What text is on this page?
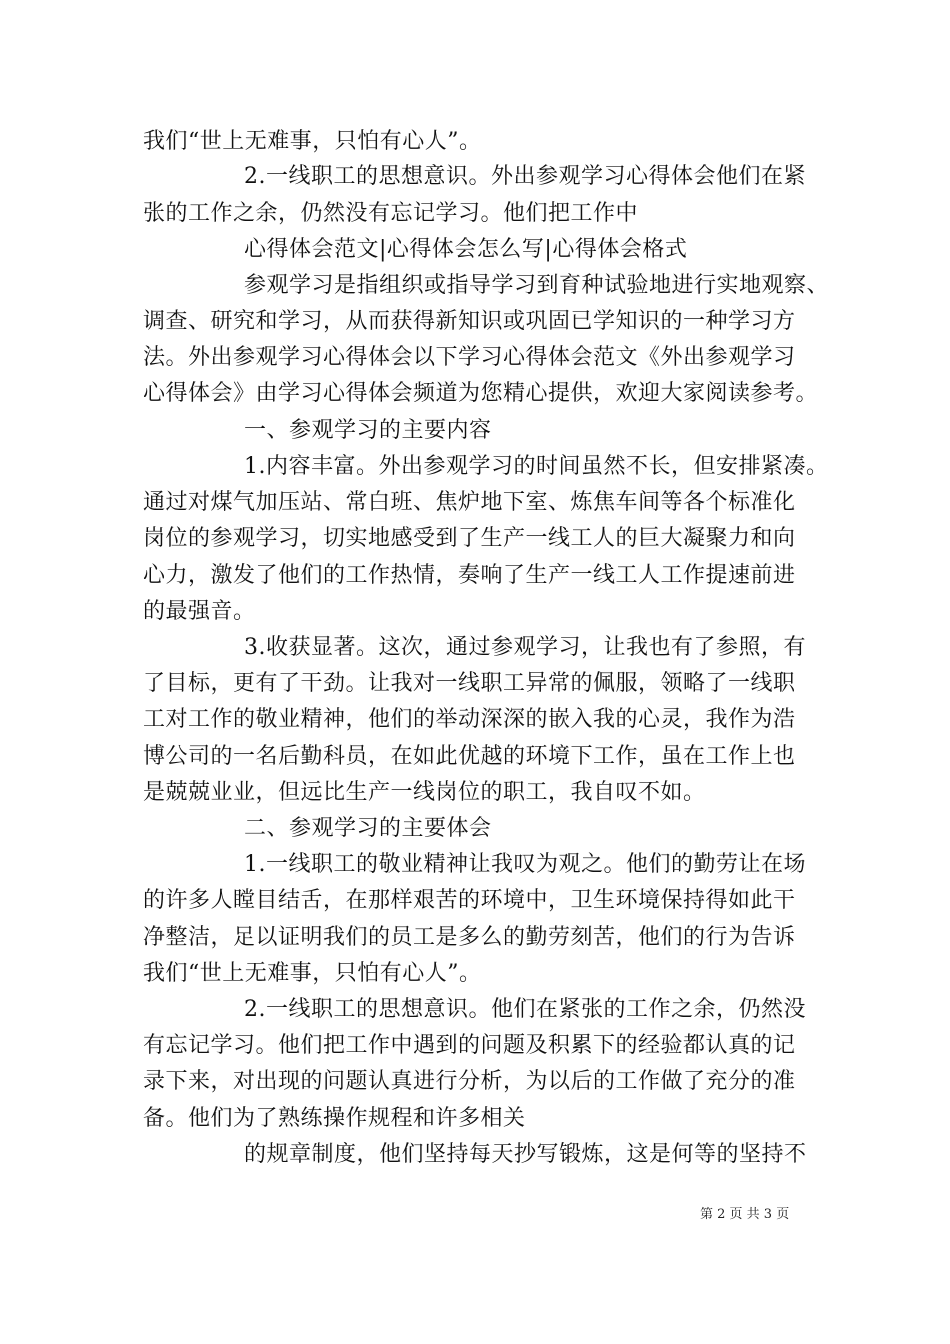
我们“世上无难事，只怕有心人”。
2.一线职工的思想意识。外出参观学习心得体会他们在紧
张的工作之余，仍然没有忘记学习。他们把工作中
心得体会范文|心得体会怎么写|心得体会格式
参观学习是指组织或指导学习到育种试验地进行实地观察、
调查、研究和学习，从而获得新知识或巩固已学知识的一种学习方
法。外出参观学习心得体会以下学习心得体会范文《外出参观学习
心得体会》由学习心得体会频道为您精心提供，欢迎大家阅读参考。
一、参观学习的主要内容
1.内容丰富。外出参观学习的时间虽然不长，但安排紧凑。
通过对煤气加压站、常白班、焦炉地下室、炼焦车间等各个标准化
岗位的参观学习，切实地感受到了生产一线工人的巨大凝聚力和向
心力，激发了他们的工作热情，奏响了生产一线工人工作提速前进
的最强音。
3.收获显著。这次，通过参观学习，让我也有了参照，有
了目标，更有了干劲。让我对一线职工异常的佩服，领略了一线职
工对工作的敬业精神，他们的举动深深的嵌入我的心灵，我作为浩
博公司的一名后勤科员，在如此优越的环境下工作，虽在工作上也
是兢兢业业，但远比生产一线岗位的职工，我自叹不如。
二、参观学习的主要体会
1.一线职工的敬业精神让我叹为观之。他们的勤劳让在场
的许多人瞠目结舌，在那样艰苦的环境中，卫生环境保持得如此干
净整洁，足以证明我们的员工是多么的勤劳刻苦，他们的行为告诉
我们“世上无难事，只怕有心人”。
2.一线职工的思想意识。他们在紧张的工作之余，仍然没
有忘记学习。他们把工作中遇到的问题及积累下的经验都认真的记
录下来，对出现的问题认真进行分析，为以后的工作做了充分的准
备。他们为了熟练操作规程和许多相关
的规章制度，他们坚持每天抄写锻炼，这是何等的坚持不
第 2 页 共 3 页
